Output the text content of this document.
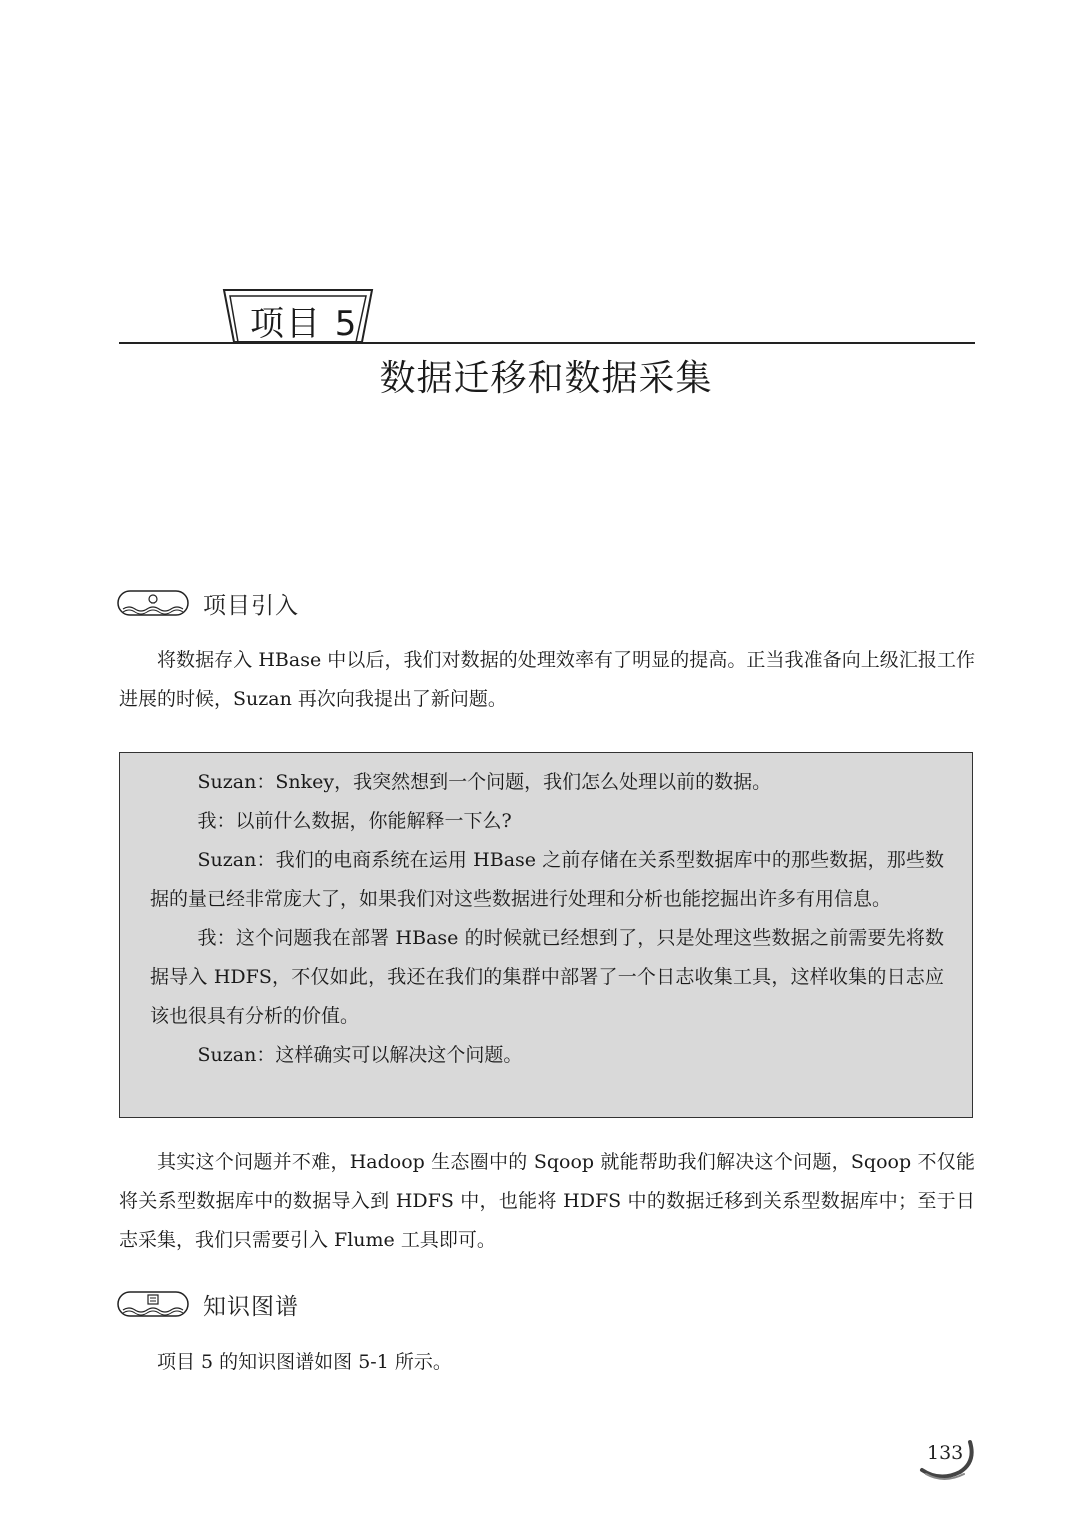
项目 5
数据迁移和数据采集
项目引入

将数据存入 HBase 中以后，我们对数据的处理效率有了明显的提高。正当我准备向上级汇报工作进展的时候，Suzan 再次向我提出了新问题。

Suzan：Snkey，我突然想到一个问题，我们怎么处理以前的数据。

我：以前什么数据，你能解释一下么?

Suzan：我们的电商系统在运用 HBase 之前存储在关系型数据库中的那些数据，那些数据的量已经非常庞大了，如果我们对这些数据进行处理和分析也能挖掘出许多有用信息。

我：这个问题我在部署 HBase 的时候就已经想到了，只是处理这些数据之前需要先将数据导入 HDFS，不仅如此，我还在我们的集群中部署了一个日志收集工具，这样收集的日志应该也很具有分析的价值。

Suzan：这样确实可以解决这个问题。

其实这个问题并不难，Hadoop 生态圈中的 Sqoop 就能帮助我们解决这个问题，Sqoop 不仅能将关系型数据库中的数据导入到 HDFS 中，也能将 HDFS 中的数据迁移到关系型数据库中；至于日志采集，我们只需要引入 Flume 工具即可。

知识图谱

项目 5 的知识图谱如图 5-1 所示。

133
